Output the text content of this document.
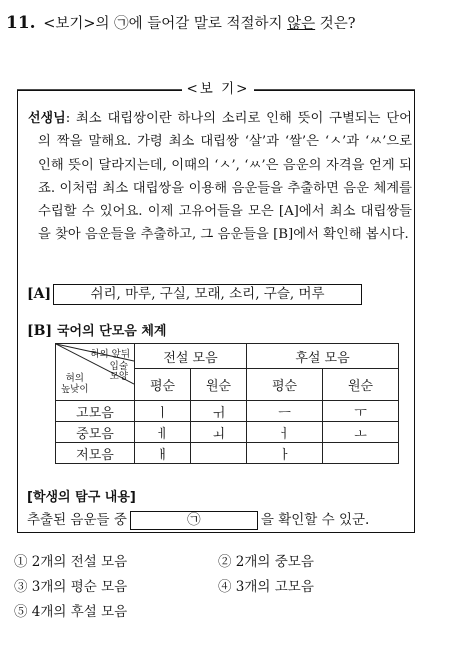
11. <보기>의 ㉠에 들어갈 말로 적절하지 않은 것은?
<보 기>
선생님: 최소 대립쌍이란 하나의 소리로 인해 뜻이 구별되는 단어의 짝을 말해요. 가령 최소 대립쌍 ‘살’과 ‘쌀’은 ‘ㅅ’과 ‘ㅆ’으로 인해 뜻이 달라지는데, 이때의 ‘ㅅ’, ‘ㅆ’은 음운의 자격을 얻게 되죠. 이처럼 최소 대립쌍을 이용해 음운들을 추출하면 음운 체계를 수립할 수 있어요. 이제 고유어들을 모은 [A]에서 최소 대립쌍들을 찾아 음운들을 추출하고, 그 음운들을 [B]에서 확인해 봅시다.
[A]	쉬리, 마루, 구실, 모래, 소리, 구슬, 머루
[B] 국어의 단모음 체계
혀의 앞뒤
입술
모양
혀의
높낮이	전설 모음		후설 모음	
	평순	원순	평순	원순
고모음	ㅣ	ㅟ	ㅡ	ㅜ
중모음	ㅔ	ㅚ	ㅓ	ㅗ
저모음	ㅐ		ㅏ	
[학생의 탐구 내용]
추출된 음운들 중	㉠	을 확인할 수 있군.
① 2개의 전설 모음	② 2개의 중모음
③ 3개의 평순 모음	④ 3개의 고모음
⑤ 4개의 후설 모음
